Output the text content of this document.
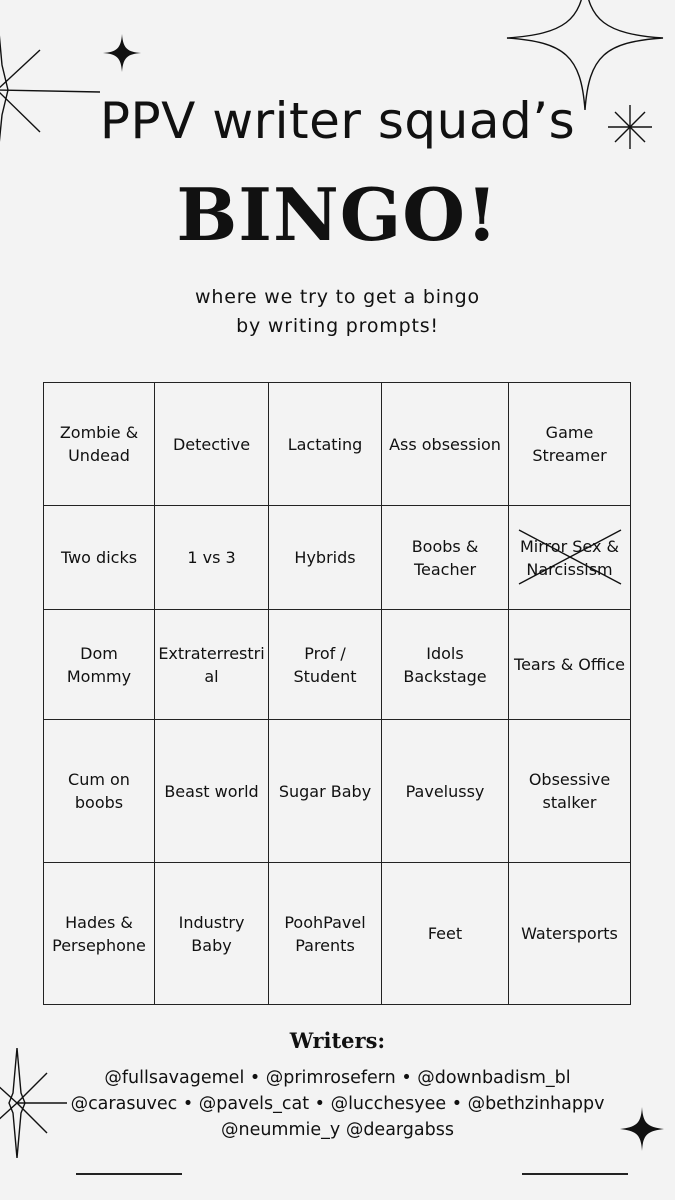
PPV writer squad’s
BINGO!
where we try to get a bingo
by writing prompts!
Zombie & Undead	Detective	Lactating	Ass obsession	Game Streamer
Two dicks	1 vs 3	Hybrids	Boobs & Teacher	Mirror Sex & Narcissism

Dom Mommy	Extraterrestrial	Prof / Student	Idols Backstage	Tears & Office
Cum on boobs	Beast world	Sugar Baby	Pavelussy	Obsessive stalker
Hades & Persephone	Industry Baby	PoohPavel Parents	Feet	Watersports
Writers:
@fullsavagemel • @primrosefern • @downbadism_bl
@carasuvec • @pavels_cat • @lucchesyee • @bethzinhappv
@neummie_y @deargabss
